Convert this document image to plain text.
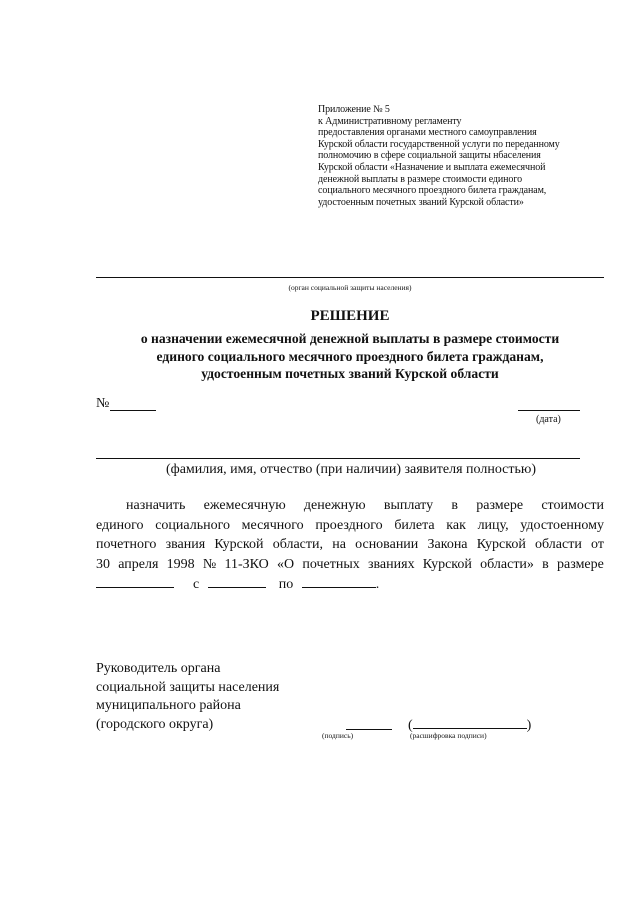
Приложение № 5
к Административному регламенту
предоставления органами местного самоуправления
Курской области государственной услуги по переданному
полномочию в сфере социальной защиты нбаселения
Курской области «Назначение и выплата ежемесячной
денежной выплаты в размере стоимости единого
социального месячного проездного билета гражданам,
удостоенным почетных званий Курской области»
(орган социальной защиты населения)
РЕШЕНИЕ
о назначении ежемесячной денежной выплаты в размере стоимости
единого социального месячного проездного билета гражданам,
удостоенным почетных званий Курской области
№
(дата)
(фамилия, имя, отчество (при наличии) заявителя полностью)
назначить ежемесячную денежную выплату в размере стоимости
единого социального месячного проездного билета как лицу, удостоенному
почетного звания Курской области, на основании Закона Курской области от
30 апреля 1998 № 11-ЗКО «О почетных званиях Курской области» в размере
с	по	.
Руководитель органа
социальной защиты населения
муниципального района
(городского округа)
(подпись)
(	)
(расшифровка подписи)
